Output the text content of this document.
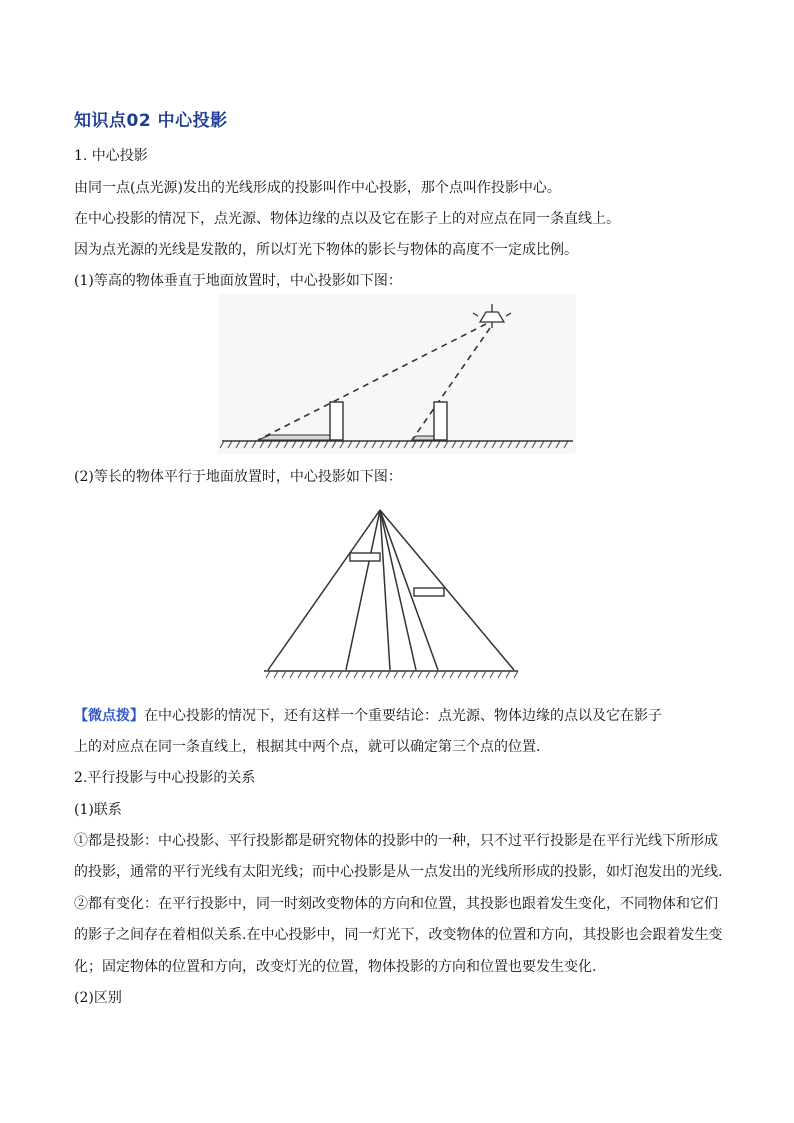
知识点02 中心投影
1. 中心投影
由同一点(点光源)发出的光线形成的投影叫作中心投影，那个点叫作投影中心。
在中心投影的情况下，点光源、物体边缘的点以及它在影子上的对应点在同一条直线上。
因为点光源的光线是发散的，所以灯光下物体的影长与物体的高度不一定成比例。
(1)等高的物体垂直于地面放置时，中心投影如下图：
(2)等长的物体平行于地面放置时，中心投影如下图：
【微点拨】在中心投影的情况下，还有这样一个重要结论：点光源、物体边缘的点以及它在影子
上的对应点在同一条直线上，根据其中两个点，就可以确定第三个点的位置.
2.平行投影与中心投影的关系
(1)联系
①都是投影：中心投影、平行投影都是研究物体的投影中的一种，只不过平行投影是在平行光线下所形成
的投影，通常的平行光线有太阳光线；而中心投影是从一点发出的光线所形成的投影，如灯泡发出的光线.
②都有变化：在平行投影中，同一时刻改变物体的方向和位置，其投影也跟着发生变化，不同物体和它们
的影子之间存在着相似关系.在中心投影中，同一灯光下，改变物体的位置和方向，其投影也会跟着发生变
化；固定物体的位置和方向，改变灯光的位置，物体投影的方向和位置也要发生变化.
(2)区别
